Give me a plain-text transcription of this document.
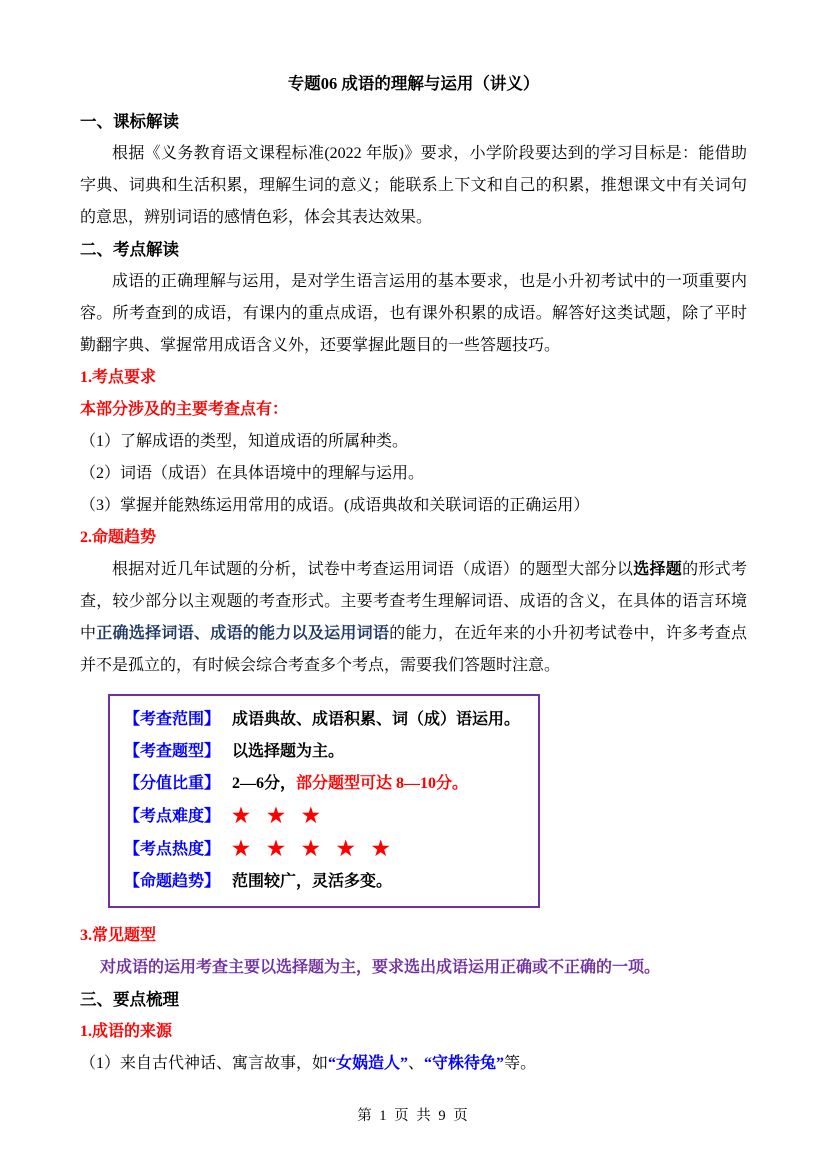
专题06 成语的理解与运用（讲义）
一、课标解读

根据《义务教育语文课程标准(2022 年版)》要求，小学阶段要达到的学习目标是：能借助字典、词典和生活积累，理解生词的意义；能联系上下文和自己的积累，推想课文中有关词句的意思，辨别词语的感情色彩，体会其表达效果。

二、考点解读

成语的正确理解与运用，是对学生语言运用的基本要求，也是小升初考试中的一项重要内容。所考查到的成语，有课内的重点成语，也有课外积累的成语。解答好这类试题，除了平时勤翻字典、掌握常用成语含义外，还要掌握此题目的一些答题技巧。

1.考点要求
本部分涉及的主要考查点有：

（1）了解成语的类型，知道成语的所属种类。

（2）词语（成语）在具体语境中的理解与运用。

（3）掌握并能熟练运用常用的成语。(成语典故和关联词语的正确运用）

2.命题趋势

根据对近几年试题的分析，试卷中考查运用词语（成语）的题型大部分以选择题的形式考查，较少部分以主观题的考查形式。主要考查考生理解词语、成语的含义，在具体的语言环境中正确选择词语、成语的能力以及运用词语的能力，在近年来的小升初考试卷中，许多考查点并不是孤立的，有时候会综合考查多个考点，需要我们答题时注意。

【考查范围】 成语典故、成语积累、词（成）语运用。
【考查题型】 以选择题为主。
【分值比重】 2—6分，部分题型可达 8—10分。
【考点难度】 ★ ★ ★
【考点热度】 ★ ★ ★ ★ ★
【命题趋势】 范围较广，灵活多变。
3.常见题型

对成语的运用考查主要以选择题为主，要求选出成语运用正确或不正确的一项。

三、要点梳理
1.成语的来源

（1）来自古代神话、寓言故事，如“女娲造人”、“守株待兔”等。

第 1 页 共 9 页
